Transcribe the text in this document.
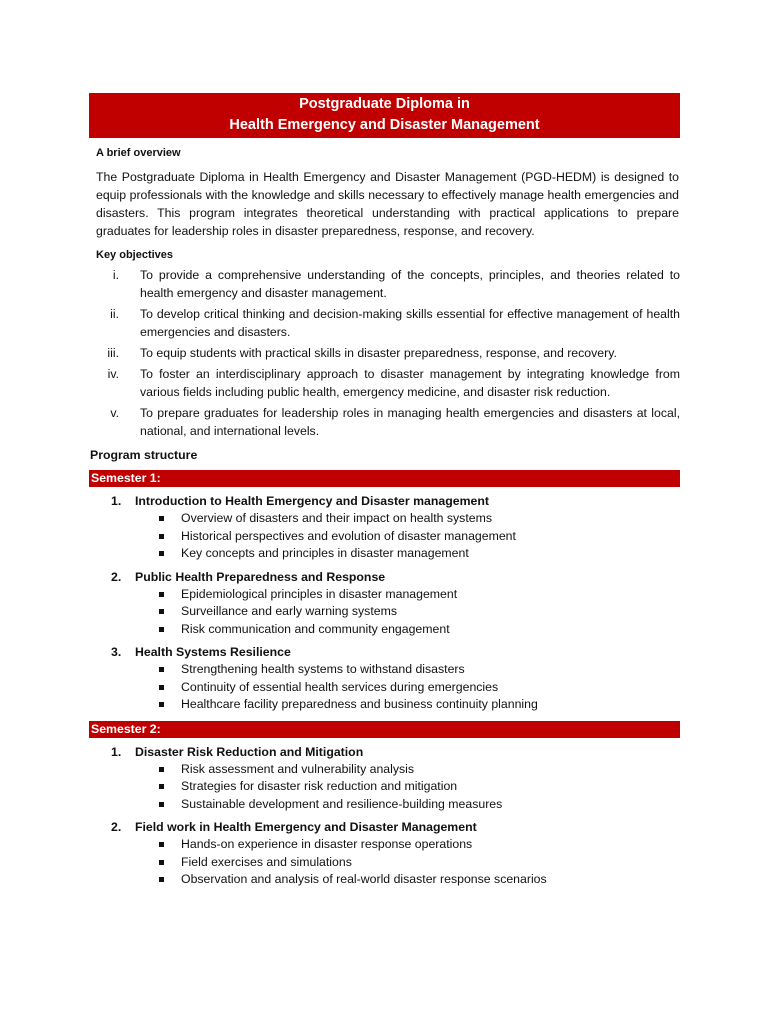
Postgraduate Diploma in
Health Emergency and Disaster Management
A brief overview
The Postgraduate Diploma in Health Emergency and Disaster Management (PGD-HEDM) is designed to equip professionals with the knowledge and skills necessary to effectively manage health emergencies and disasters. This program integrates theoretical understanding with practical applications to prepare graduates for leadership roles in disaster preparedness, response, and recovery.
Key objectives
i. To provide a comprehensive understanding of the concepts, principles, and theories related to health emergency and disaster management.
ii. To develop critical thinking and decision-making skills essential for effective management of health emergencies and disasters.
iii. To equip students with practical skills in disaster preparedness, response, and recovery.
iv. To foster an interdisciplinary approach to disaster management by integrating knowledge from various fields including public health, emergency medicine, and disaster risk reduction.
v. To prepare graduates for leadership roles in managing health emergencies and disasters at local, national, and international levels.
Program structure
Semester 1:
1. Introduction to Health Emergency and Disaster management
Overview of disasters and their impact on health systems
Historical perspectives and evolution of disaster management
Key concepts and principles in disaster management
2. Public Health Preparedness and Response
Epidemiological principles in disaster management
Surveillance and early warning systems
Risk communication and community engagement
3. Health Systems Resilience
Strengthening health systems to withstand disasters
Continuity of essential health services during emergencies
Healthcare facility preparedness and business continuity planning
Semester 2:
1. Disaster Risk Reduction and Mitigation
Risk assessment and vulnerability analysis
Strategies for disaster risk reduction and mitigation
Sustainable development and resilience-building measures
2. Field work in Health Emergency and Disaster Management
Hands-on experience in disaster response operations
Field exercises and simulations
Observation and analysis of real-world disaster response scenarios
